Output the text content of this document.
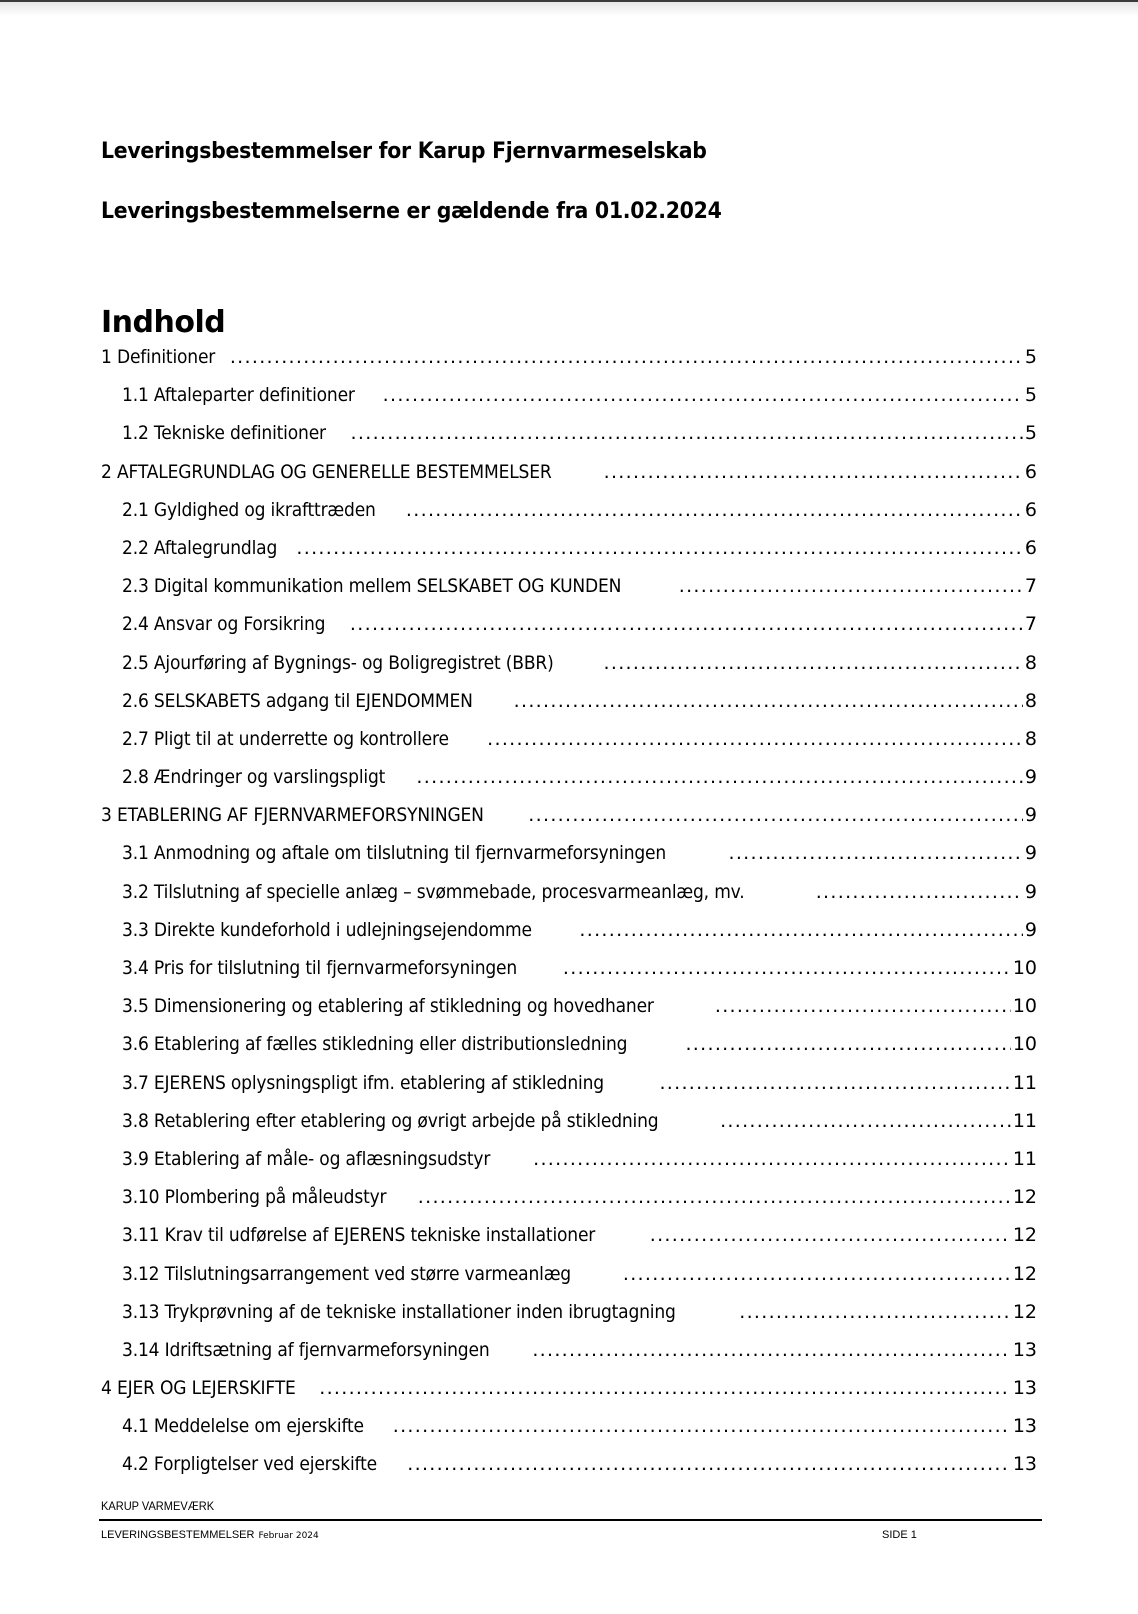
Leveringsbestemmelser for Karup Fjernvarmeselskab
Leveringsbestemmelserne er gældende fra 01.02.2024
Indhold
1 Definitioner .....	5
1.1 Aftaleparter definitioner .....	5
1.2 Tekniske definitioner .....	5
2 AFTALEGRUNDLAG OG GENERELLE BESTEMMELSER .....	6
2.1 Gyldighed og ikrafttræden .....	6
2.2 Aftalegrundlag .....	6
2.3 Digital kommunikation mellem SELSKABET OG KUNDEN .....	7
2.4 Ansvar og Forsikring .....	7
2.5 Ajourføring af Bygnings- og Boligregistret (BBR) .....	8
2.6 SELSKABETS adgang til EJENDOMMEN .....	8
2.7 Pligt til at underrette og kontrollere .....	8
2.8 Ændringer og varslingspligt .....	9
3 ETABLERING AF FJERNVARMEFORSYNINGEN .....	9
3.1 Anmodning og aftale om tilslutning til fjernvarmeforsyningen .....	9
3.2 Tilslutning af specielle anlæg – svømmebade, procesvarmeanlæg, mv. .....	9
3.3 Direkte kundeforhold i udlejningsejendomme .....	9
3.4 Pris for tilslutning til fjernvarmeforsyningen .....	10
3.5 Dimensionering og etablering af stikledning og hovedhaner .....	10
3.6 Etablering af fælles stikledning eller distributionsledning .....	10
3.7 EJERENS oplysningspligt ifm. etablering af stikledning .....	11
3.8 Retablering efter etablering og øvrigt arbejde på stikledning .....	11
3.9 Etablering af måle- og aflæsningsudstyr .....	11
3.10 Plombering på måleudstyr .....	12
3.11 Krav til udførelse af EJERENS tekniske installationer .....	12
3.12 Tilslutningsarrangement ved større varmeanlæg .....	12
3.13 Trykprøvning af de tekniske installationer inden ibrugtagning .....	12
3.14 Idriftsætning af fjernvarmeforsyningen .....	13
4 EJER OG LEJERSKIFTE .....	13
4.1 Meddelelse om ejerskifte .....	13
4.2 Forpligtelser ved ejerskifte .....	13
KARUP VARMEVÆRK
LEVERINGSBESTEMMELSER Februar 2024	SIDE 1
